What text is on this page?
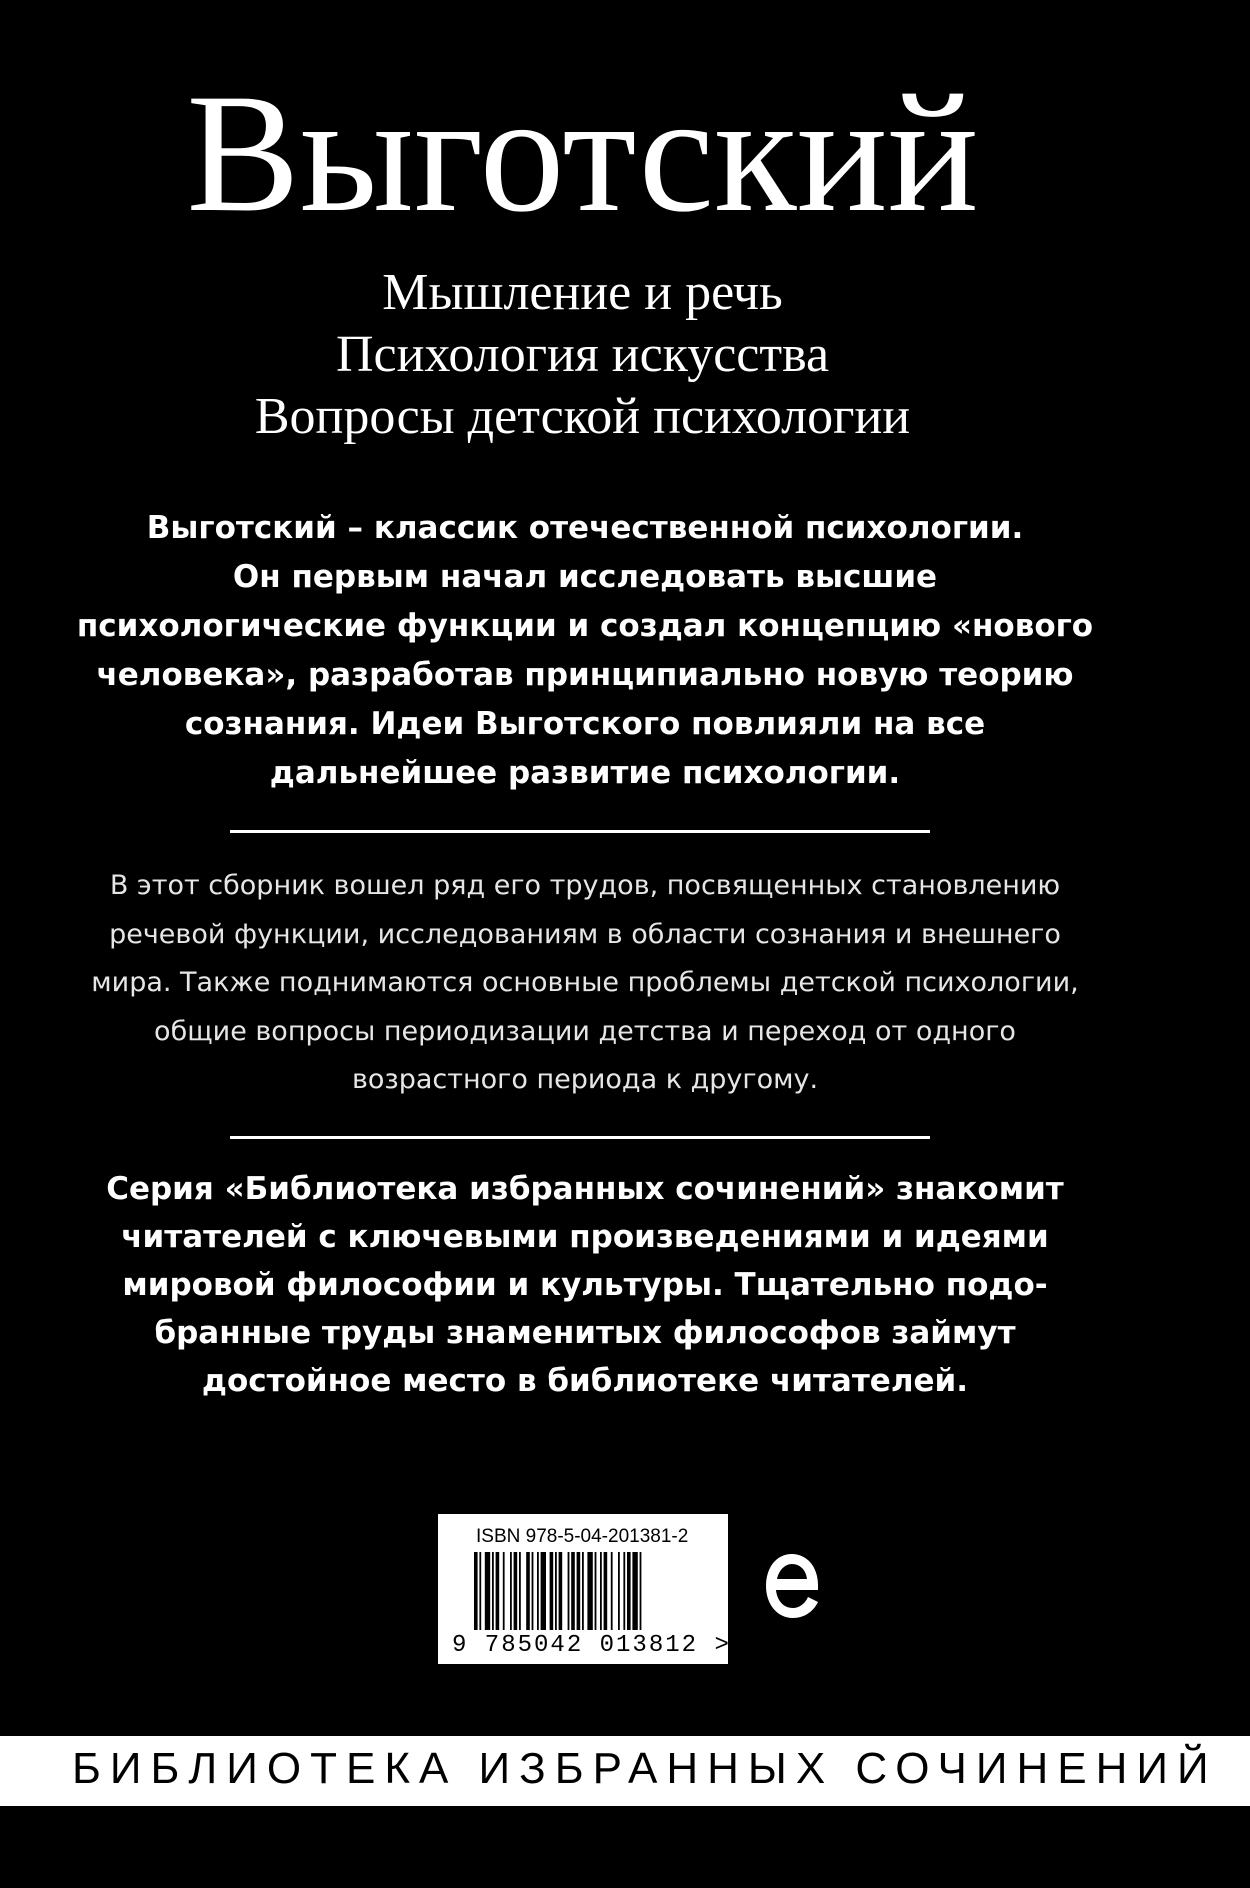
Выготский
Мышление и речь
Психология искусства
Вопросы детской психологии
Выготский – классик отечественной психологии.
Он первым начал исследовать высшие
психологические функции и создал концепцию «нового
человека», разработав принципиально новую теорию
сознания. Идеи Выготского повлияли на все
дальнейшее развитие психологии.
В этот сборник вошел ряд его трудов, посвященных становлению
речевой функции, исследованиям в области сознания и внешнего
мира. Также поднимаются основные проблемы детской психологии,
общие вопросы периодизации детства и переход от одного
возрастного периода к другому.
Серия «Библиотека избранных сочинений» знакомит
читателей с ключевыми произведениями и идеями
мировой философии и культуры. Тщательно подо-
бранные труды знаменитых философов займут
достойное место в библиотеке читателей.
ISBN 978-5-04-201381-2
9 785042 013812 >
БИБЛИОТЕКА ИЗБРАННЫХ СОЧИНЕНИЙ
